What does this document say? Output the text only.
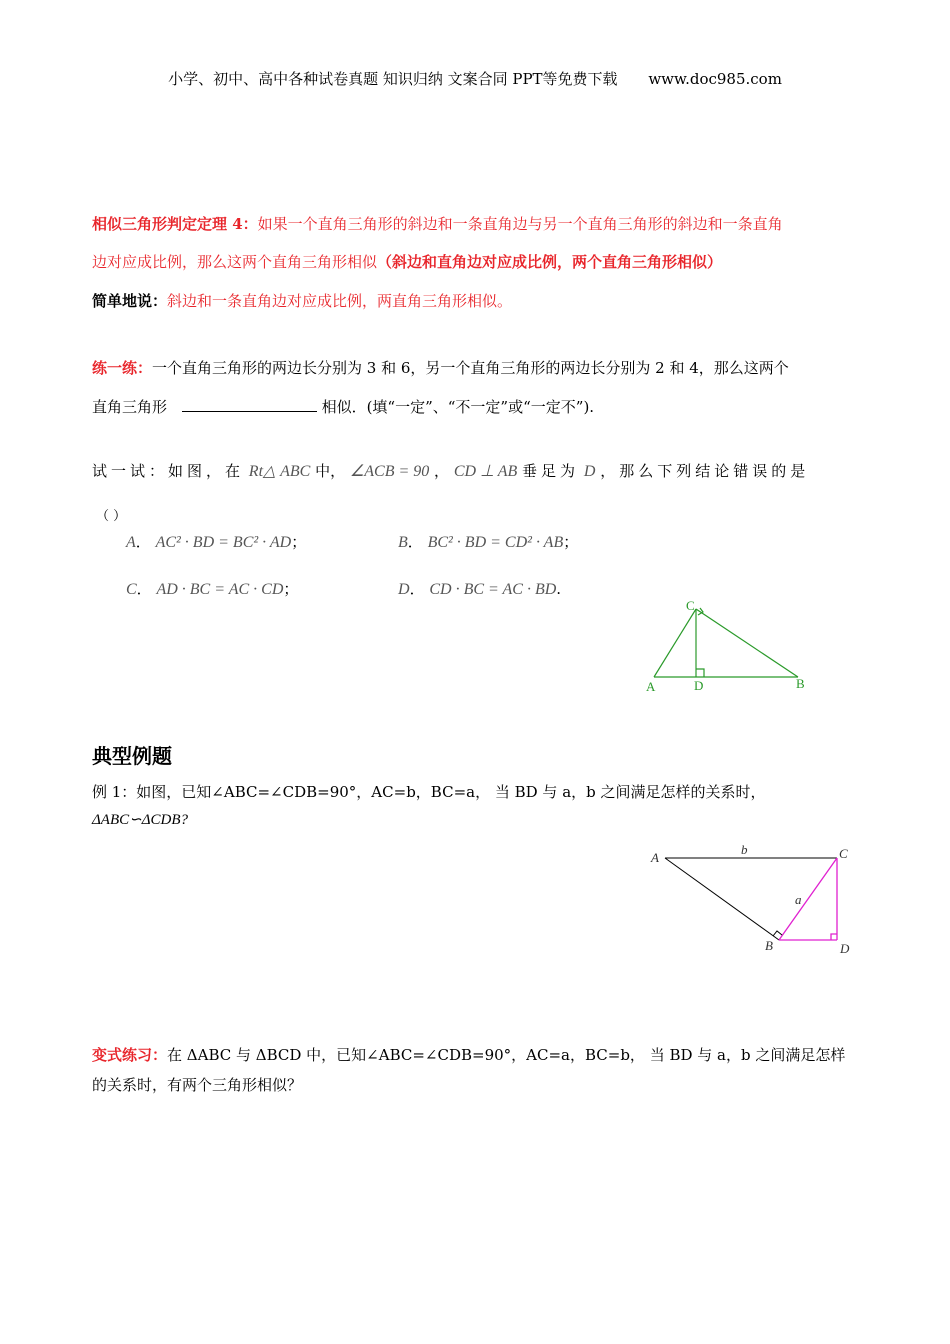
小学、初中、高中各种试卷真题 知识归纳 文案合同 PPT等免费下载 www.doc985.com
相似三角形判定定理 4：如果一个直角三角形的斜边和一条直角边与另一个直角三角形的斜边和一条直角
边对应成比例，那么这两个直角三角形相似（斜边和直角边对应成比例，两个直角三角形相似）
简单地说：斜边和一条直角边对应成比例，两直角三角形相似。
练一练：一个直角三角形的两边长分别为 3 和 6，另一个直角三角形的两边长分别为 2 和 4，那么这两个
直角三角形	相似．(填“一定”、“不一定”或“一定不”).
试一试：如图，在 Rt△ ABC 中， ∠ACB = 90 ， CD ⊥ AB 垂足为 D ，那么下列结论错误的是
（ ）
A． AC² · BD = BC² · AD；	B． BC² · BD = CD² · AB；
C． AD · BC = AC · CD；	D． CD · BC = AC · BD.
C
A	D	B
典型例题
例 1：如图，已知∠ABC=∠CDB=90°，AC=b，BC=a， 当 BD 与 a，b 之间满足怎样的关系时，
ΔABC∽ΔCDB?
A
b	C
a
B	D
变式练习：在 ΔABC 与 ΔBCD 中，已知∠ABC=∠CDB=90°，AC=a，BC=b， 当 BD 与 a，b 之间满足怎样
的关系时，有两个三角形相似？
